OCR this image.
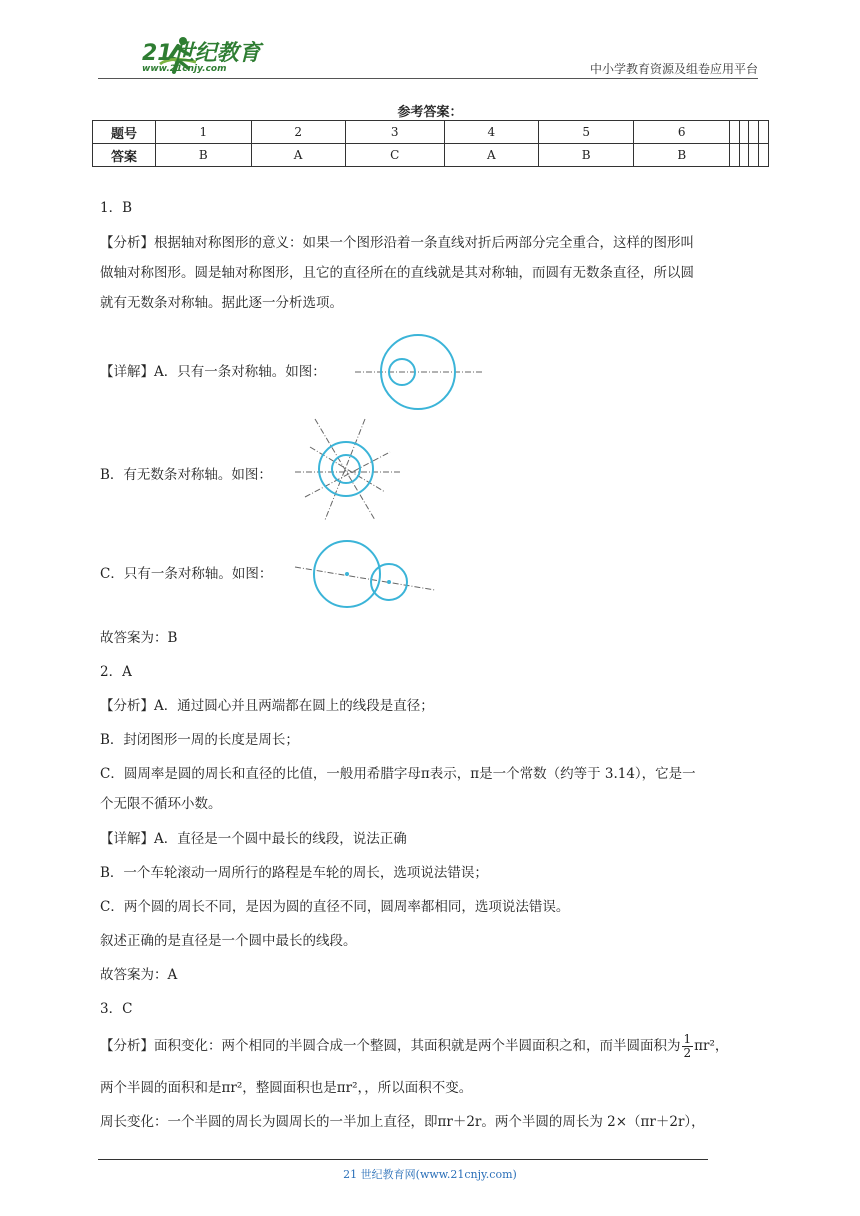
21世纪教育
www.21cnjy.com	中小学教育资源及组卷应用平台
参考答案：
题号	1	2	3	4	5	6				
答案	B	A	C	A	B	B				
1．B
【分析】根据轴对称图形的意义：如果一个图形沿着一条直线对折后两部分完全重合，这样的图形叫
做轴对称图形。圆是轴对称图形，且它的直径所在的直线就是其对称轴，而圆有无数条直径，所以圆
就有无数条对称轴。据此逐一分析选项。
【详解】A．只有一条对称轴。如图：
B．有无数条对称轴。如图：
C．只有一条对称轴。如图：
故答案为：B
2．A
【分析】A．通过圆心并且两端都在圆上的线段是直径；
B．封闭图形一周的长度是周长；
C．圆周率是圆的周长和直径的比值，一般用希腊字母π表示，π是一个常数（约等于 3.14），它是一
个无限不循环小数。
【详解】A．直径是一个圆中最长的线段，说法正确
B．一个车轮滚动一周所行的路程是车轮的周长，选项说法错误；
C．两个圆的周长不同，是因为圆的直径不同，圆周率都相同，选项说法错误。
叙述正确的是直径是一个圆中最长的线段。
故答案为：A
3．C
【分析】面积变化：两个相同的半圆合成一个整圆，其面积就是两个半圆面积之和，而半圆面积为 $\frac{1}{2} \pi r^2$，
两个半圆的面积和是πr²，整圆面积也是πr²，，所以面积不变。
周长变化：一个半圆的周长为圆周长的一半加上直径，即πr＋2r。两个半圆的周长为 2×（πr＋2r），
21 世纪教育网(www.21cnjy.com)
